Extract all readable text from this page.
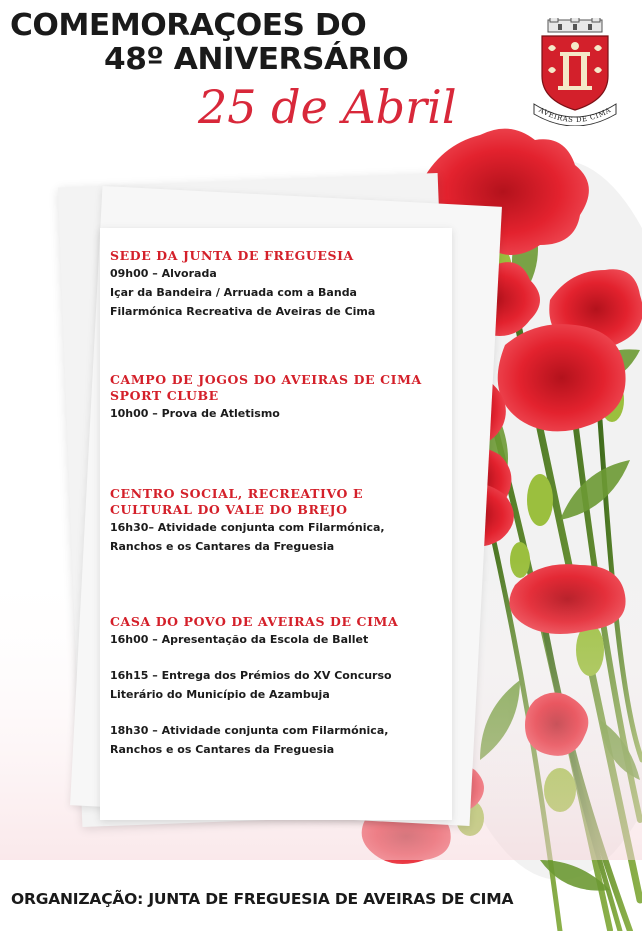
COMEMORAÇOES DO
48º ANIVERSÁRIO
25 de Abril	AVEIRAS DE CIMA

SEDE DA JUNTA DE FREGUESIA

09h00 – Alvorada

Içar da Bandeira / Arruada com a Banda

Filarmónica Recreativa de Aveiras de Cima

CAMPO DE JOGOS DO AVEIRAS DE CIMA SPORT CLUBE

10h00 – Prova de Atletismo

CENTRO SOCIAL, RECREATIVO E CULTURAL DO VALE DO BREJO

16h30– Atividade conjunta com Filarmónica,

Ranchos e os Cantares da Freguesia

CASA DO POVO DE AVEIRAS DE CIMA

16h00 – Apresentação da Escola de Ballet

16h15 – Entrega dos Prémios do XV Concurso

Literário do Município de Azambuja

18h30 – Atividade conjunta com Filarmónica,

Ranchos e os Cantares da Freguesia

ORGANIZAÇÃO: JUNTA DE FREGUESIA DE AVEIRAS DE CIMA
